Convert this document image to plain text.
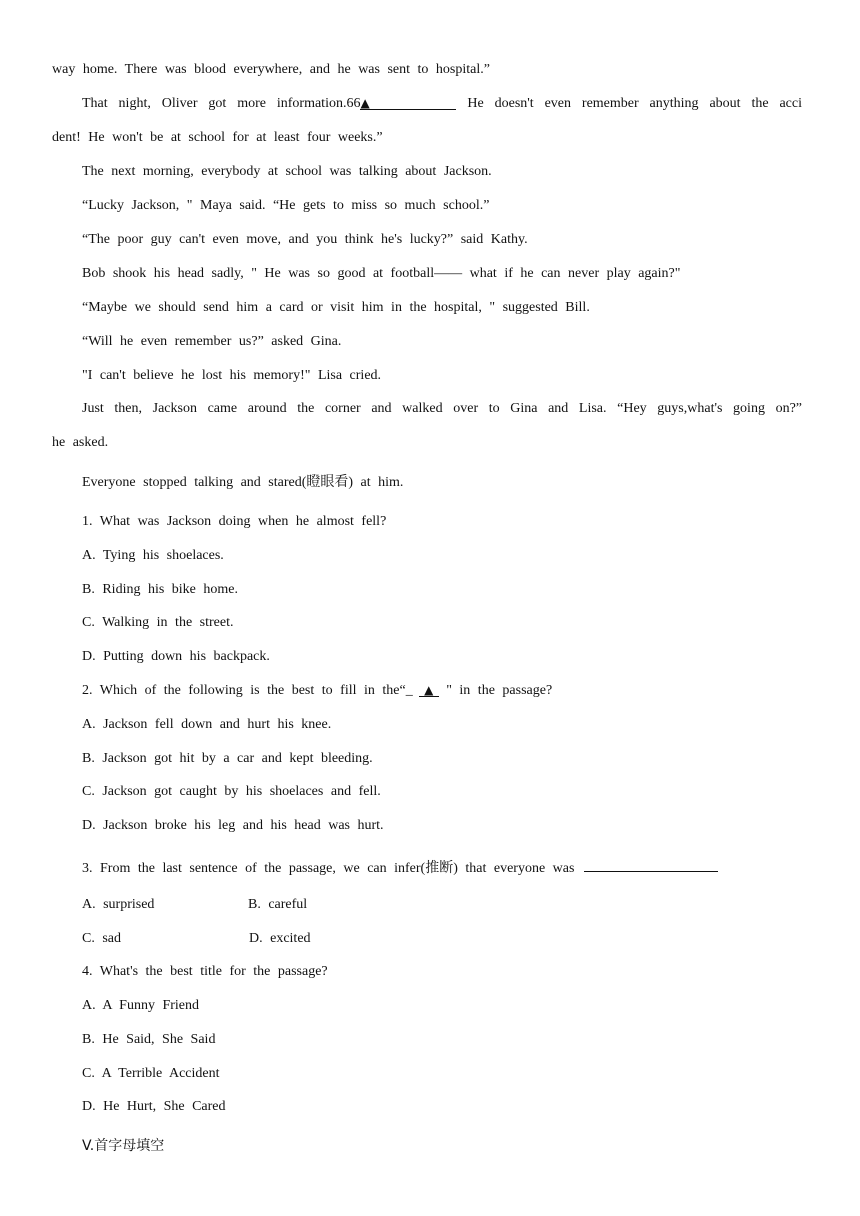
way home. There was blood everywhere, and he was sent to hospital.”
That night, Oliver got more information.66▲	He doesn't even remember anything about the acci
dent! He won't be at school for at least four weeks.”
The next morning, everybody at school was talking about Jackson.
“Lucky Jackson, " Maya said. “He gets to miss so much school.”
“The poor guy can't even move, and you think he's lucky?” said Kathy.
Bob shook his head sadly, " He was so good at football—— what if he can never play again?"
“Maybe we should send him a card or visit him in the hospital, " suggested Bill.
“Will he even remember us?” asked Gina.
"I can't believe he lost his memory!" Lisa cried.
Just then, Jackson came around the corner and walked over to Gina and Lisa. “Hey guys,what's going on?”
he asked.
Everyone stopped talking and stared(瞪眼看) at him.
1. What was Jackson doing when he almost fell?
A. Tying his shoelaces.
B. Riding his bike home.
C. Walking in the street.
D. Putting down his backpack.
2. Which of the following is the best to fill in the“_ ▲ " in the passage?
A. Jackson fell down and hurt his knee.
B. Jackson got hit by a car and kept bleeding.
C. Jackson got caught by his shoelaces and fell.
D. Jackson broke his leg and his head was hurt.
3. From the last sentence of the passage, we can infer(推断) that everyone was
A. surprised	B. careful
C. sad	D. excited
4. What's the best title for the passage?
A. A Funny Friend
B. He Said, She Said
C. A Terrible Accident
D. He Hurt, She Cared
V.首字母填空
